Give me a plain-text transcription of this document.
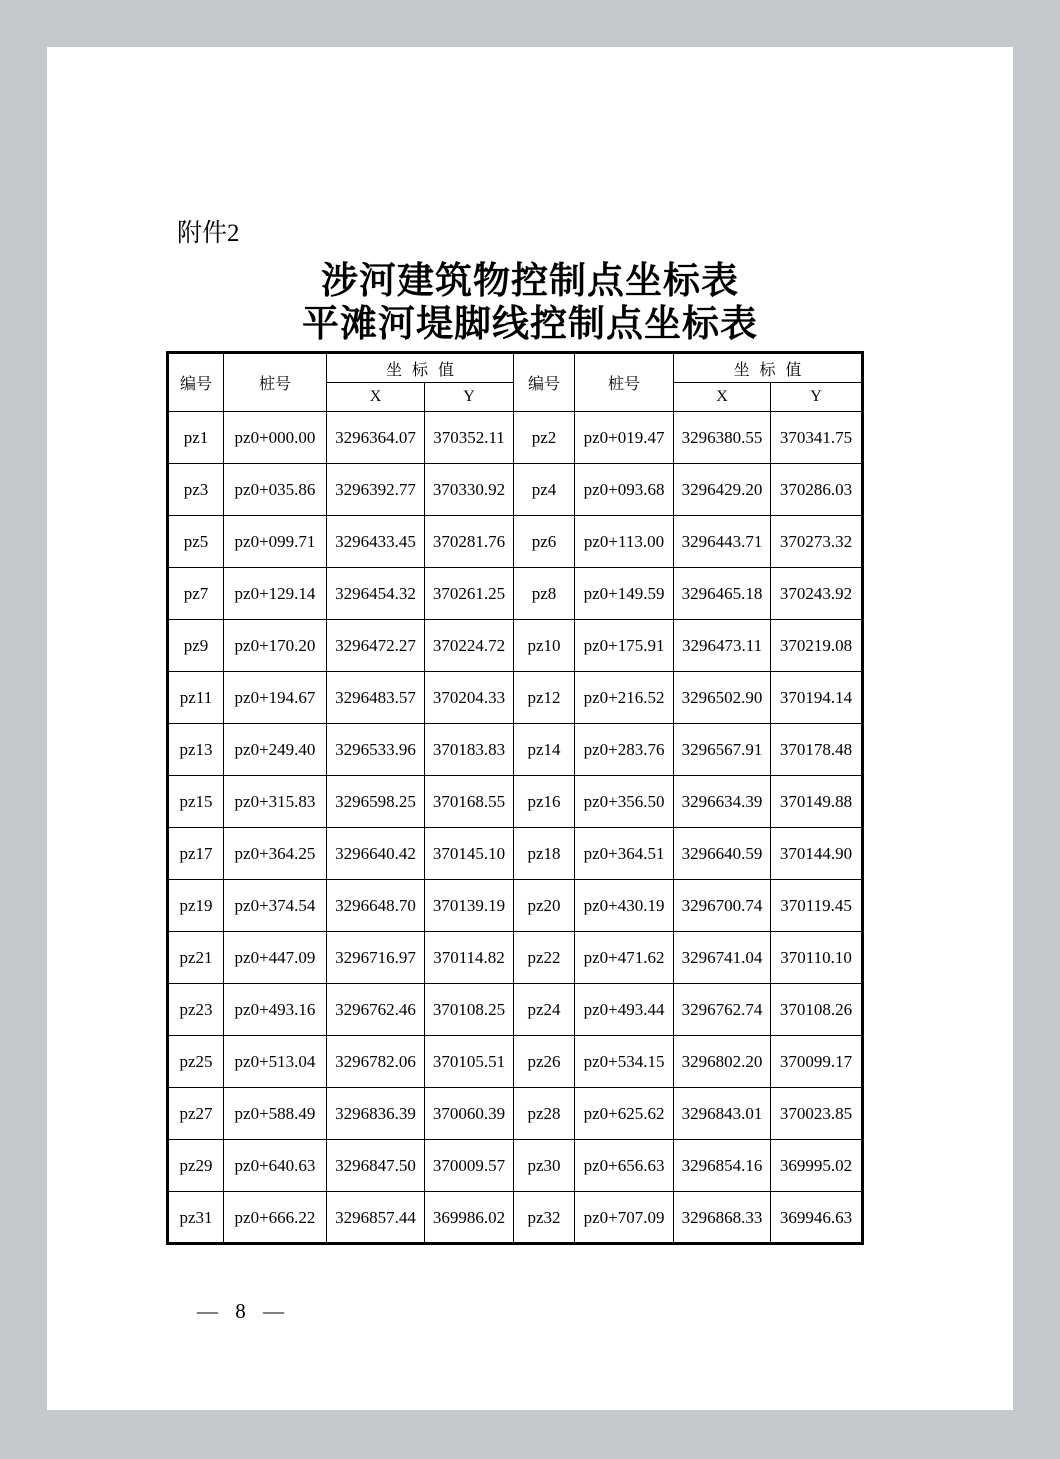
附件2
涉河建筑物控制点坐标表
平滩河堤脚线控制点坐标表
编号	桩号	坐标值		编号	桩号	坐标值	
		X	Y			X	Y
pz1	pz0+000.00	3296364.07	370352.11	pz2	pz0+019.47	3296380.55	370341.75
pz3	pz0+035.86	3296392.77	370330.92	pz4	pz0+093.68	3296429.20	370286.03
pz5	pz0+099.71	3296433.45	370281.76	pz6	pz0+113.00	3296443.71	370273.32
pz7	pz0+129.14	3296454.32	370261.25	pz8	pz0+149.59	3296465.18	370243.92
pz9	pz0+170.20	3296472.27	370224.72	pz10	pz0+175.91	3296473.11	370219.08
pz11	pz0+194.67	3296483.57	370204.33	pz12	pz0+216.52	3296502.90	370194.14
pz13	pz0+249.40	3296533.96	370183.83	pz14	pz0+283.76	3296567.91	370178.48
pz15	pz0+315.83	3296598.25	370168.55	pz16	pz0+356.50	3296634.39	370149.88
pz17	pz0+364.25	3296640.42	370145.10	pz18	pz0+364.51	3296640.59	370144.90
pz19	pz0+374.54	3296648.70	370139.19	pz20	pz0+430.19	3296700.74	370119.45
pz21	pz0+447.09	3296716.97	370114.82	pz22	pz0+471.62	3296741.04	370110.10
pz23	pz0+493.16	3296762.46	370108.25	pz24	pz0+493.44	3296762.74	370108.26
pz25	pz0+513.04	3296782.06	370105.51	pz26	pz0+534.15	3296802.20	370099.17
pz27	pz0+588.49	3296836.39	370060.39	pz28	pz0+625.62	3296843.01	370023.85
pz29	pz0+640.63	3296847.50	370009.57	pz30	pz0+656.63	3296854.16	369995.02
pz31	pz0+666.22	3296857.44	369986.02	pz32	pz0+707.09	3296868.33	369946.63
— 8 —
